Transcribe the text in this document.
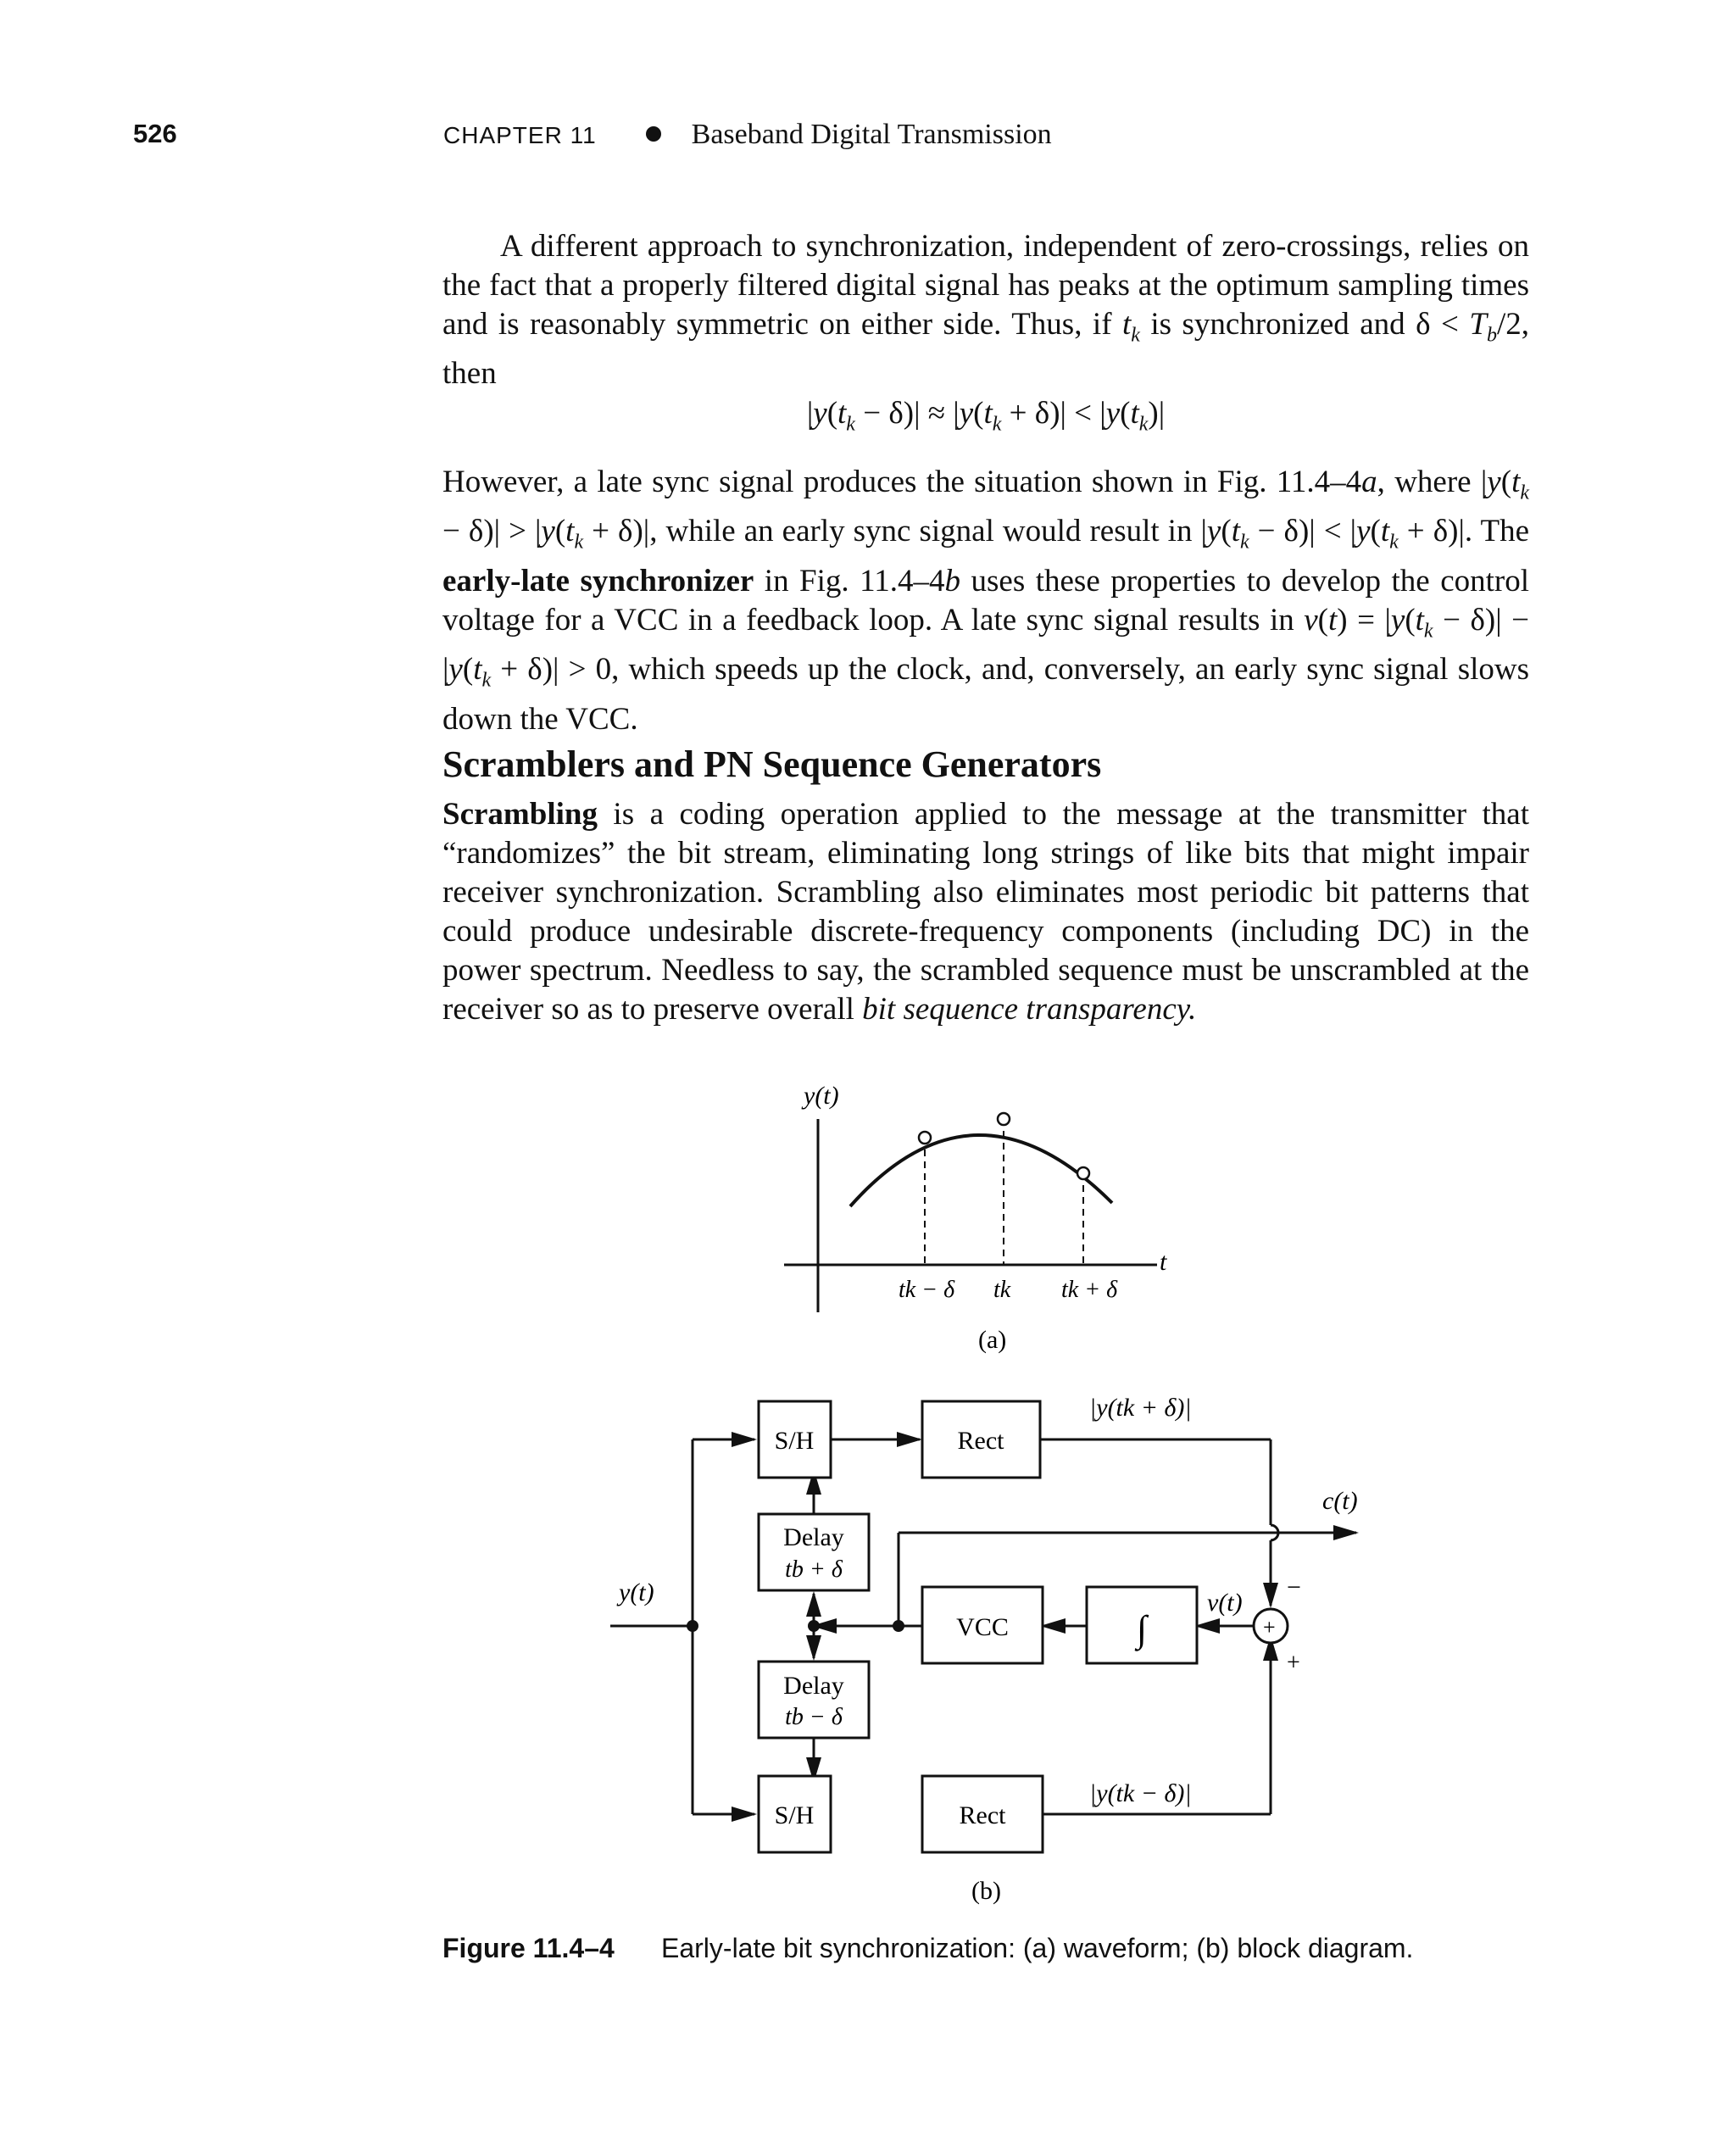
526	CHAPTER 11	Baseband Digital Transmission

A different approach to synchronization, independent of zero-crossings, relies on the fact that a properly filtered digital signal has peaks at the optimum sampling times and is reasonably symmetric on either side. Thus, if $t_k$ is synchronized and $\delta < T_b/2$, then

$|y(t_k - \delta)| \approx |y(t_k + \delta)| < |y(t_k)|$

However, a late sync signal produces the situation shown in Fig. 11.4–4a, where $|y(t_k - \delta)| > |y(t_k + \delta)|$, while an early sync signal would result in $|y(t_k - \delta)| < |y(t_k + \delta)|$. The early-late synchronizer in Fig. 11.4–4b uses these properties to develop the control voltage for a VCC in a feedback loop. A late sync signal results in $v(t) = |y(t_k - \delta)| - |y(t_k + \delta)| > 0$, which speeds up the clock, and, conversely, an early sync signal slows down the VCC.

Scramblers and PN Sequence Generators

Scrambling is a coding operation applied to the message at the transmitter that “randomizes” the bit stream, eliminating long strings of like bits that might impair receiver synchronization. Scrambling also eliminates most periodic bit patterns that could produce undesirable discrete-frequency components (including DC) in the power spectrum. Needless to say, the scrambled sequence must be unscrambled at the receiver so as to preserve overall bit sequence transparency.

y(t)
t
tk − δ tk tk + δ
(a)
S/H	Rect
Delay
tb + δ
VCC	∫
Delay
tb − δ
S/H	Rect
y(t)
c(t)
v(t)
|y(tk + δ)|
|y(tk − δ)|
−
+
+
(b)
Figure 11.4–4	Early-late bit synchronization: (a) waveform; (b) block diagram.
